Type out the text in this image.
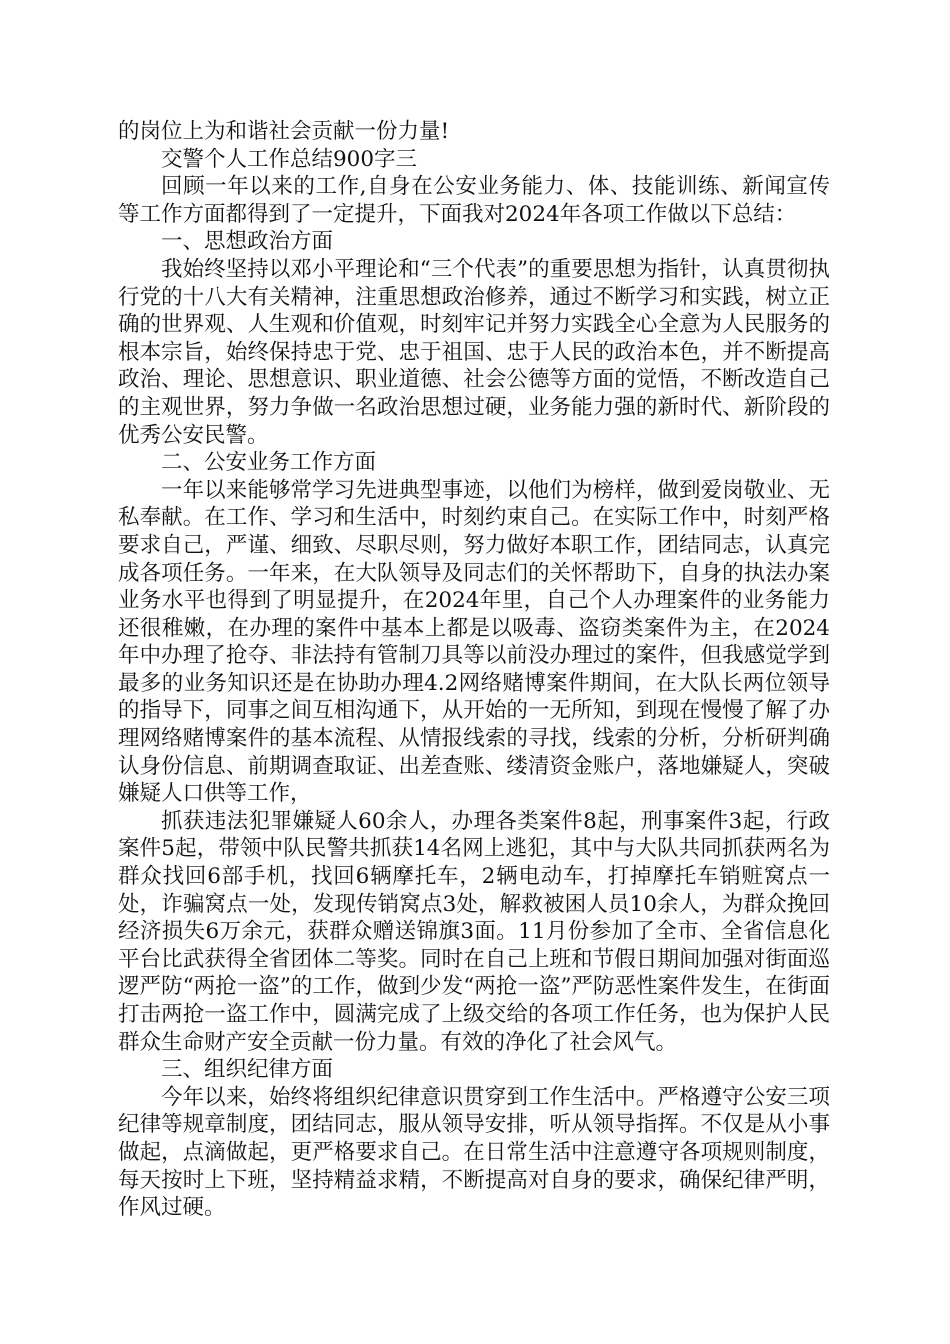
的岗位上为和谐社会贡献一份力量!

交警个人工作总结900字三

回顾一年以来的工作,自身在公安业务能力、体、技能训练、新闻宣传等工作方面都得到了一定提升，下面我对2024年各项工作做以下总结：

一、思想政治方面

我始终坚持以邓小平理论和“三个代表”的重要思想为指针，认真贯彻执行党的十八大有关精神，注重思想政治修养，通过不断学习和实践，树立正确的世界观、人生观和价值观，时刻牢记并努力实践全心全意为人民服务的根本宗旨，始终保持忠于党、忠于祖国、忠于人民的政治本色，并不断提高政治、理论、思想意识、职业道德、社会公德等方面的觉悟，不断改造自己的主观世界，努力争做一名政治思想过硬，业务能力强的新时代、新阶段的优秀公安民警。

二、公安业务工作方面

一年以来能够常学习先进典型事迹，以他们为榜样，做到爱岗敬业、无私奉献。在工作、学习和生活中，时刻约束自己。在实际工作中，时刻严格要求自己，严谨、细致、尽职尽则，努力做好本职工作，团结同志，认真完成各项任务。一年来，在大队领导及同志们的关怀帮助下，自身的执法办案业务水平也得到了明显提升，在2024年里，自己个人办理案件的业务能力还很稚嫩，在办理的案件中基本上都是以吸毒、盗窃类案件为主，在2024年中办理了抢夺、非法持有管制刀具等以前没办理过的案件，但我感觉学到最多的业务知识还是在协助办理4.2网络赌博案件期间，在大队长两位领导的指导下，同事之间互相沟通下，从开始的一无所知，到现在慢慢了解了办理网络赌博案件的基本流程、从情报线索的寻找，线索的分析，分析研判确认身份信息、前期调查取证、出差查账、缕清资金账户，落地嫌疑人，突破嫌疑人口供等工作，

抓获违法犯罪嫌疑人60余人，办理各类案件8起，刑事案件3起，行政案件5起，带领中队民警共抓获14名网上逃犯，其中与大队共同抓获两名为群众找回6部手机，找回6辆摩托车，2辆电动车，打掉摩托车销赃窝点一处，诈骗窝点一处，发现传销窝点3处，解救被困人员10余人，为群众挽回经济损失6万余元，获群众赠送锦旗3面。11月份参加了全市、全省信息化平台比武获得全省团体二等奖。同时在自己上班和节假日期间加强对街面巡逻严防“两抢一盗”的工作，做到少发“两抢一盗”严防恶性案件发生，在街面打击两抢一盗工作中，圆满完成了上级交给的各项工作任务，也为保护人民群众生命财产安全贡献一份力量。有效的净化了社会风气。

三、组织纪律方面

今年以来，始终将组织纪律意识贯穿到工作生活中。严格遵守公安三项纪律等规章制度，团结同志，服从领导安排，听从领导指挥。不仅是从小事做起，点滴做起，更严格要求自己。在日常生活中注意遵守各项规则制度，每天按时上下班，坚持精益求精，不断提高对自身的要求，确保纪律严明，作风过硬。
